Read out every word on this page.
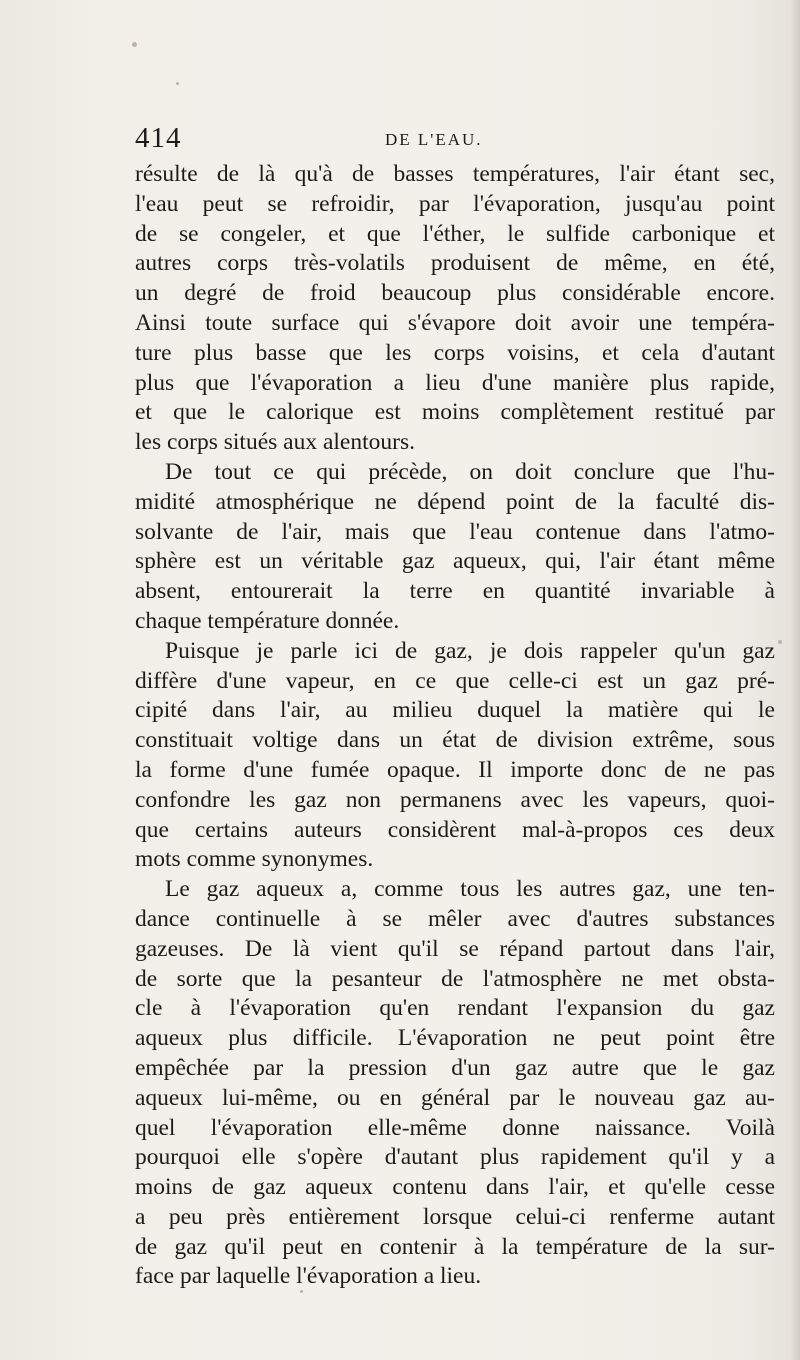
414	DE L'EAU.
résulte de là qu'à de basses températures, l'air étant sec,
l'eau peut se refroidir, par l'évaporation, jusqu'au point
de se congeler, et que l'éther, le sulfide carbonique et
autres corps très-volatils produisent de même, en été,
un degré de froid beaucoup plus considérable encore.
Ainsi toute surface qui s'évapore doit avoir une tempéra-
ture plus basse que les corps voisins, et cela d'autant
plus que l'évaporation a lieu d'une manière plus rapide,
et que le calorique est moins complètement restitué par
les corps situés aux alentours.
De tout ce qui précède, on doit conclure que l'hu-
midité atmosphérique ne dépend point de la faculté dis-
solvante de l'air, mais que l'eau contenue dans l'atmo-
sphère est un véritable gaz aqueux, qui, l'air étant même
absent, entourerait la terre en quantité invariable à
chaque température donnée.
Puisque je parle ici de gaz, je dois rappeler qu'un gaz
diffère d'une vapeur, en ce que celle-ci est un gaz pré-
cipité dans l'air, au milieu duquel la matière qui le
constituait voltige dans un état de division extrême, sous
la forme d'une fumée opaque. Il importe donc de ne pas
confondre les gaz non permanens avec les vapeurs, quoi-
que certains auteurs considèrent mal-à-propos ces deux
mots comme synonymes.
Le gaz aqueux a, comme tous les autres gaz, une ten-
dance continuelle à se mêler avec d'autres substances
gazeuses. De là vient qu'il se répand partout dans l'air,
de sorte que la pesanteur de l'atmosphère ne met obsta-
cle à l'évaporation qu'en rendant l'expansion du gaz
aqueux plus difficile. L'évaporation ne peut point être
empêchée par la pression d'un gaz autre que le gaz
aqueux lui-même, ou en général par le nouveau gaz au-
quel l'évaporation elle-même donne naissance. Voilà
pourquoi elle s'opère d'autant plus rapidement qu'il y a
moins de gaz aqueux contenu dans l'air, et qu'elle cesse
a peu près entièrement lorsque celui-ci renferme autant
de gaz qu'il peut en contenir à la température de la sur-
face par laquelle l'évaporation a lieu.
